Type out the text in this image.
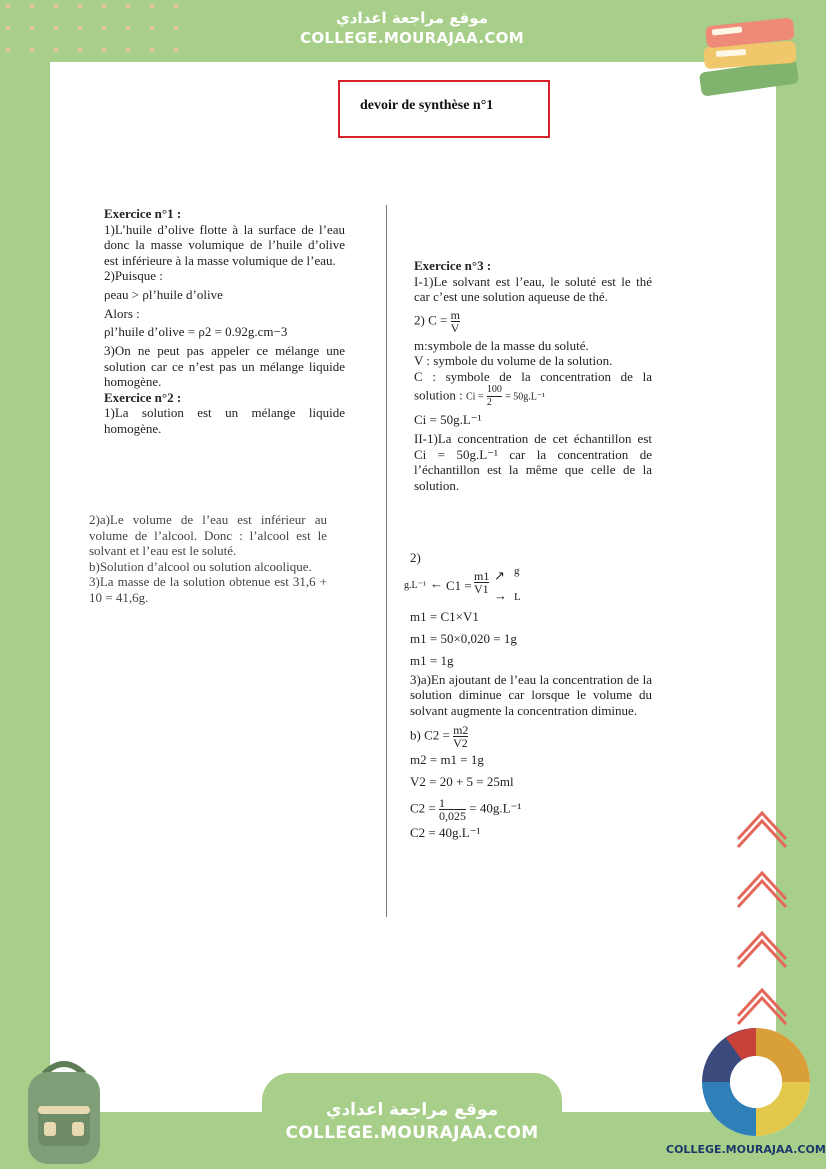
موقع مراجعة اعدادي
COLLEGE.MOURAJAA.COM
devoir de synthèse n°1
Exercice n°1 :
1)L’huile d’olive flotte à la surface de l’eau donc la masse volumique de l’huile d’olive est inférieure à la masse volumique de l’eau.
2)Puisque :
ρeau > ρl’huile d’olive
Alors :
ρl’huile d’olive = ρ2 = 0.92g.cm−3
3)On ne peut pas appeler ce mélange une solution car ce n’est pas un mélange liquide homogène.
Exercice n°2 :
1)La solution est un mélange liquide homogène.
2)a)Le volume de l’eau est inférieur au volume de l’alcool. Donc : l’alcool est le solvant et l’eau est le soluté.
b)Solution d’alcool ou solution alcoolique.
3)La masse de la solution obtenue est 31,6 + 10 = 41,6g.
Exercice n°3 :
I-1)Le solvant est l’eau, le soluté est le thé car c’est une solution aqueuse de thé.
2) $C = \frac{m}{V}$
m:symbole de la masse du soluté.
V : symbole du volume de la solution.
C : symbole de la concentration de la solution : $Ci = \frac{100}{2} = 50g.L^{-1}$
Ci = 50g.L⁻¹
II-1)La concentration de cet échantillon est Ci = 50g.L⁻¹ car la concentration de l’échantillon est la même que celle de la solution.
2)
g.L⁻¹ ← $C1 = \frac{m1}{V1}$ ↗ g
→ L
m1 = C1×V1
m1 = 50×0,020 = 1g
m1 = 1g
3)a)En ajoutant de l’eau la concentration de la solution diminue car lorsque le volume du solvant augmente la concentration diminue.
b) $C2 = \frac{m2}{V2}$
m2 = m1 = 1g
V2 = 20 + 5 = 25ml
$C2 = \frac{1}{0,025} = 40g.L^{-1}$
C2 = 40g.L⁻¹
موقع مراجعة اعدادي
COLLEGE.MOURAJAA.COM
COLLEGE.MOURAJAA.COM
